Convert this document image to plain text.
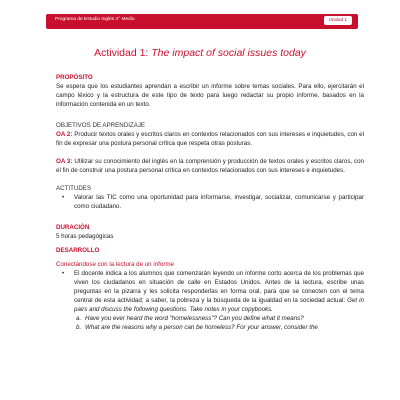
Programa de Estudio Inglés 4° Medio	Unidad 1
Actividad 1: The impact of social issues today
PROPÓSITO

Se espera que los estudiantes aprendan a escribir un informe sobre temas sociales. Para ello, ejercitarán el campo léxico y la estructura de este tipo de texto para luego redactar su propio informe, basados en la información contenida en un texto.

OBJETIVOS DE APRENDIZAJE

OA 2: Producir textos orales y escritos claros en contextos relacionados con sus intereses e inquietudes, con el fin de expresar una postura personal crítica que respeta otras posturas.

OA 3: Utilizar su conocimiento del inglés en la comprensión y producción de textos orales y escritos claros, con el fin de construir una postura personal crítica en contextos relacionados con sus intereses e inquietudes.

ACTITUDES
• Valorar las TIC como una oportunidad para informarse, investigar, socializar, comunicarse y participar como ciudadano.
DURACIÓN

5 horas pedagógicas

DESARROLLO
Conectándose con la lectura de un informe
• El docente indica a los alumnos que comenzarán leyendo un informe corto acerca de los problemas que viven los ciudadanos en situación de calle en Estados Unidos. Antes de la lectura, escribe unas preguntas en la pizarra y les solicita responderlas en forma oral, para que se conecten con el tema central de esta actividad; a saber, la pobreza y la búsqueda de la igualdad en la sociedad actual: Get in pairs and discuss the following questions. Take notes in your copybooks.
a. Have you ever heard the word "homelessness"? Can you define what it means?
b. What are the reasons why a person can be homeless? For your answer, consider the
